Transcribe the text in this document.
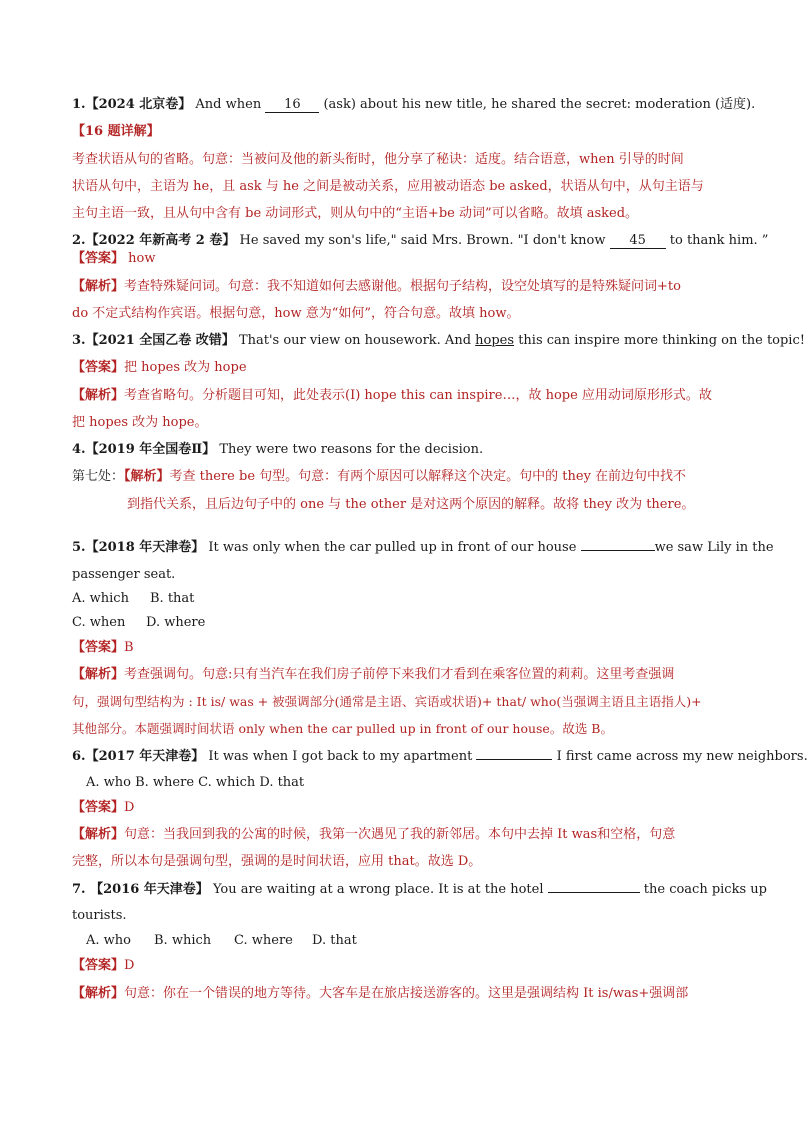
1.【2024 北京卷】 And when 16 (ask) about his new title, he shared the secret: moderation (适度).
【16 题详解】
考查状语从句的省略。句意：当被问及他的新头衔时，他分享了秘诀：适度。结合语意，when 引导的时间
状语从句中，主语为 he，且 ask 与 he 之间是被动关系，应用被动语态 be asked，状语从句中，从句主语与
主句主语一致，且从句中含有 be 动词形式，则从句中的“主语+be 动词”可以省略。故填 asked。
2.【2022 年新高考 2 卷】 He saved my son's life," said Mrs. Brown. "I don't know 45 to thank him. ”
【答案】 how
【解析】考查特殊疑问词。句意：我不知道如何去感谢他。根据句子结构，设空处填写的是特殊疑问词+to
do 不定式结构作宾语。根据句意，how 意为“如何”，符合句意。故填 how。
3.【2021 全国乙卷 改错】 That's our view on housework. And hopes this can inspire more thinking on the topic!
【答案】把 hopes 改为 hope
【解析】考查省略句。分析题目可知，此处表示(I) hope this can inspire…，故 hope 应用动词原形形式。故
把 hopes 改为 hope。
4.【2019 年全国卷Ⅱ】 They were two reasons for the decision.
第七处：【解析】考查 there be 句型。句意：有两个原因可以解释这个决定。句中的 they 在前边句中找不
到指代关系，且后边句子中的 one 与 the other 是对这两个原因的解释。故将 they 改为 there。
5.【2018 年天津卷】 It was only when the car pulled up in front of our house	we saw Lily in the
passenger seat.
A. which B. that
C. when D. where
【答案】B
【解析】考查强调句。句意:只有当汽车在我们房子前停下来我们才看到在乘客位置的莉莉。这里考查强调
句，强调句型结构为 : It is/ was + 被强调部分(通常是主语、宾语或状语)+ that/ who(当强调主语且主语指人)+
其他部分。本题强调时间状语 only when the car pulled up in front of our house。故选 B。
6.【2017 年天津卷】 It was when I got back to my apartment	I first came across my new neighbors.
A. who B. where C. which D. that
【答案】D
【解析】句意：当我回到我的公寓的时候，我第一次遇见了我的新邻居。本句中去掉 It was和空格，句意
完整，所以本句是强调句型，强调的是时间状语，应用 that。故选 D。
7. 【2016 年天津卷】 You are waiting at a wrong place. It is at the hotel	the coach picks up
tourists.
A. who B. which C. where D. that
【答案】D
【解析】句意：你在一个错误的地方等待。大客车是在旅店接送游客的。这里是强调结构 It is/was+强调部
